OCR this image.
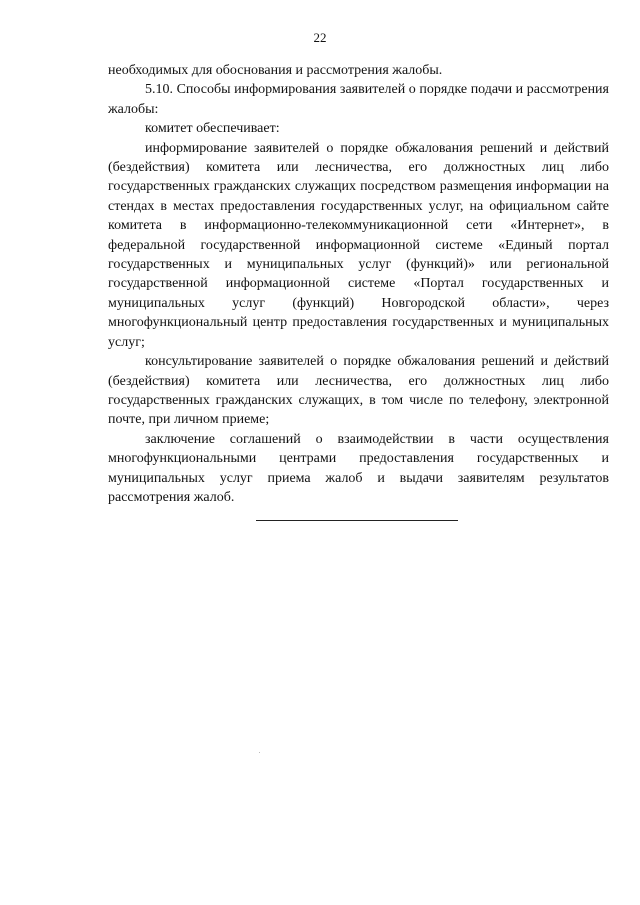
22

необходимых для обоснования и рассмотрения жалобы.

5.10. Способы информирования заявителей о порядке подачи и рассмотрения жалобы:

комитет обеспечивает:

информирование заявителей о порядке обжалования решений и действий (бездействия) комитета или лесничества, его должностных лиц либо государственных гражданских служащих посредством размещения информации на стендах в местах предоставления государственных услуг, на официальном сайте комитета в информационно-телекоммуникационной сети «Интернет», в федеральной государственной информационной системе «Единый портал государственных и муниципальных услуг (функций)» или региональной государственной информационной системе «Портал государственных и муниципальных услуг (функций) Новгородской области», через многофункциональный центр предоставления государственных и муниципальных услуг;

консультирование заявителей о порядке обжалования решений и действий (бездействия) комитета или лесничества, его должностных лиц либо государственных гражданских служащих, в том числе по телефону, электронной почте, при личном приеме;

заключение соглашений о взаимодействии в части осуществления многофункциональными центрами предоставления государственных и муниципальных услуг приема жалоб и выдачи заявителям результатов рассмотрения жалоб.
